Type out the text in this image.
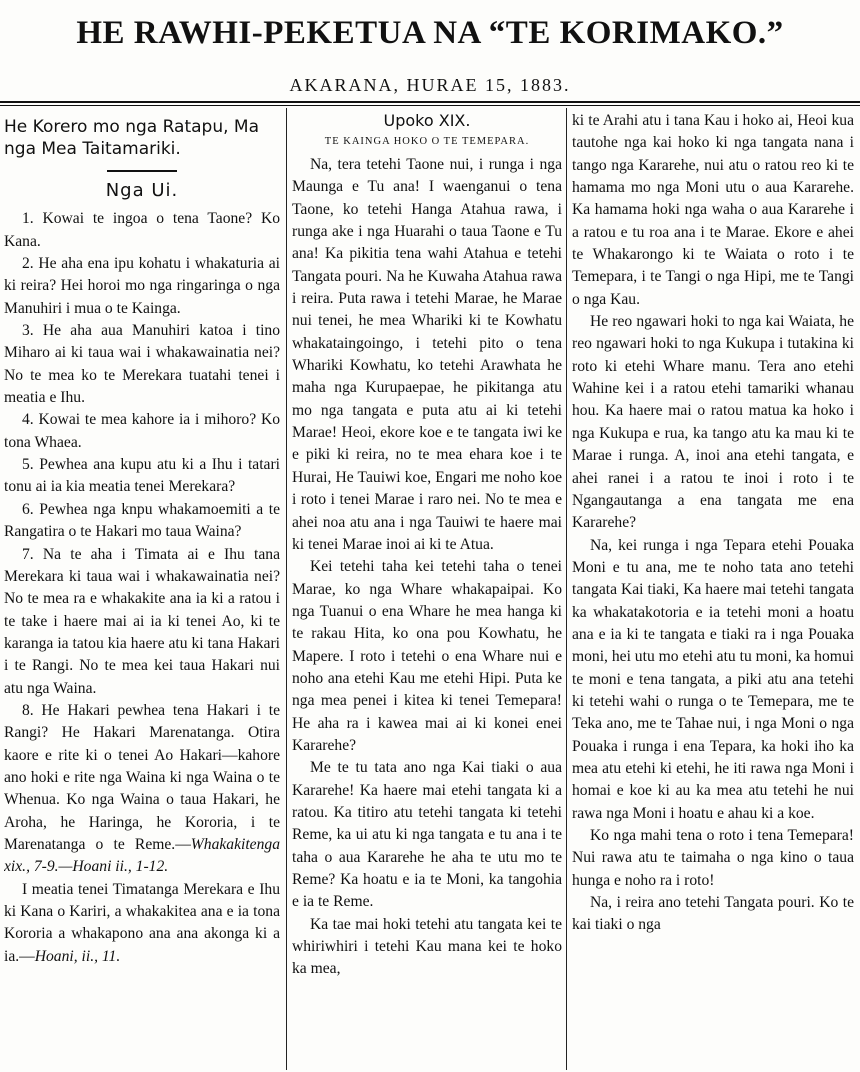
HE RAWHI-PEKETUA NA “TE KORIMAKO.”
AKARANA, HURAE 15, 1883.
He Korero mo nga Ratapu, Ma nga Mea Taitamariki.
Nga Ui.

1. Kowai te ingoa o tena Taone? Ko Kana.

2. He aha ena ipu kohatu i whakaturia ai ki reira? Hei horoi mo nga ringaringa o nga Manuhiri i mua o te Kainga.

3. He aha aua Manuhiri katoa i tino Miharo ai ki taua wai i whakawainatia nei? No te mea ko te Merekara tuatahi tenei i meatia e Ihu.

4. Kowai te mea kahore ia i mihoro? Ko tona Whaea.

5. Pewhea ana kupu atu ki a Ihu i tatari tonu ai ia kia meatia tenei Merekara?

6. Pewhea nga knpu whakamoemiti a te Rangatira o te Hakari mo taua Waina?

7. Na te aha i Timata ai e Ihu tana Merekara ki taua wai i whakawainatia nei? No te mea ra e whakakite ana ia ki a ratou i te take i haere mai ai ia ki tenei Ao, ki te karanga ia tatou kia haere atu ki tana Hakari i te Rangi. No te mea kei taua Hakari nui atu nga Waina.

8. He Hakari pewhea tena Hakari i te Rangi? He Hakari Marenatanga. Otira kaore e rite ki o tenei Ao Hakari—kahore ano hoki e rite nga Waina ki nga Waina o te Whenua. Ko nga Waina o taua Hakari, he Aroha, he Haringa, he Kororia, i te Marenatanga o te Reme.—Whakakitenga xix., 7-9.—Hoani ii., 1-12.

I meatia tenei Timatanga Merekara e Ihu ki Kana o Kariri, a whakakitea ana e ia tona Kororia a whakapono ana ana akonga ki a ia.—Hoani, ii., 11.

Upoko XIX.
TE KAINGA HOKO O TE TEMEPARA.

Na, tera tetehi Taone nui, i runga i nga Maunga e Tu ana! I waenganui o tena Taone, ko tetehi Hanga Atahua rawa, i runga ake i nga Huarahi o taua Taone e Tu ana! Ka pikitia tena wahi Atahua e tetehi Tangata pouri. Na he Kuwaha Atahua rawa i reira. Puta rawa i tetehi Marae, he Marae nui tenei, he mea Whariki ki te Kowhatu whakataingoingo, i tetehi pito o tena Whariki Kowhatu, ko tetehi Arawhata he maha nga Kurupaepae, he pikitanga atu mo nga tangata e puta atu ai ki tetehi Marae! Heoi, ekore koe e te tangata iwi ke e piki ki reira, no te mea ehara koe i te Hurai, He Tauiwi koe, Engari me noho koe i roto i tenei Marae i raro nei. No te mea e ahei noa atu ana i nga Tauiwi te haere mai ki tenei Marae inoi ai ki te Atua.

Kei tetehi taha kei tetehi taha o tenei Marae, ko nga Whare whakapaipai. Ko nga Tuanui o ena Whare he mea hanga ki te rakau Hita, ko ona pou Kowhatu, he Mapere. I roto i tetehi o ena Whare nui e noho ana etehi Kau me etehi Hipi. Puta ke nga mea penei i kitea ki tenei Temepara! He aha ra i kawea mai ai ki konei enei Kararehe?

Me te tu tata ano nga Kai tiaki o aua Kararehe! Ka haere mai etehi tangata ki a ratou. Ka titiro atu tetehi tangata ki tetehi Reme, ka ui atu ki nga tangata e tu ana i te taha o aua Kararehe he aha te utu mo te Reme? Ka hoatu e ia te Moni, ka tangohia e ia te Reme.

Ka tae mai hoki tetehi atu tangata kei te whiriwhiri i tetehi Kau mana kei te hoko ka mea,

ki te Arahi atu i tana Kau i hoko ai, Heoi kua tautohe nga kai hoko ki nga tangata nana i tango nga Kararehe, nui atu o ratou reo ki te hamama mo nga Moni utu o aua Kararehe. Ka hamama hoki nga waha o aua Kararehe i a ratou e tu roa ana i te Marae. Ekore e ahei te Whakarongo ki te Waiata o roto i te Temepara, i te Tangi o nga Hipi, me te Tangi o nga Kau.

He reo ngawari hoki to nga kai Waiata, he reo ngawari hoki to nga Kukupa i tutakina ki roto ki etehi Whare manu. Tera ano etehi Wahine kei i a ratou etehi tamariki whanau hou. Ka haere mai o ratou matua ka hoko i nga Kukupa e rua, ka tango atu ka mau ki te Marae i runga. A, inoi ana etehi tangata, e ahei ranei i a ratou te inoi i roto i te Ngangautanga a ena tangata me ena Kararehe?

Na, kei runga i nga Tepara etehi Pouaka Moni e tu ana, me te noho tata ano tetehi tangata Kai tiaki, Ka haere mai tetehi tangata ka whakatakotoria e ia tetehi moni a hoatu ana e ia ki te tangata e tiaki ra i nga Pouaka moni, hei utu mo etehi atu tu moni, ka homui te moni e tena tangata, a piki atu ana tetehi ki tetehi wahi o runga o te Temepara, me te Teka ano, me te Tahae nui, i nga Moni o nga Pouaka i runga i ena Tepara, ka hoki iho ka mea atu etehi ki etehi, he iti rawa nga Moni i homai e koe ki au ka mea atu tetehi he nui rawa nga Moni i hoatu e ahau ki a koe.

Ko nga mahi tena o roto i tena Temepara! Nui rawa atu te taimaha o nga kino o taua hunga e noho ra i roto!

Na, i reira ano tetehi Tangata pouri. Ko te kai tiaki o nga
